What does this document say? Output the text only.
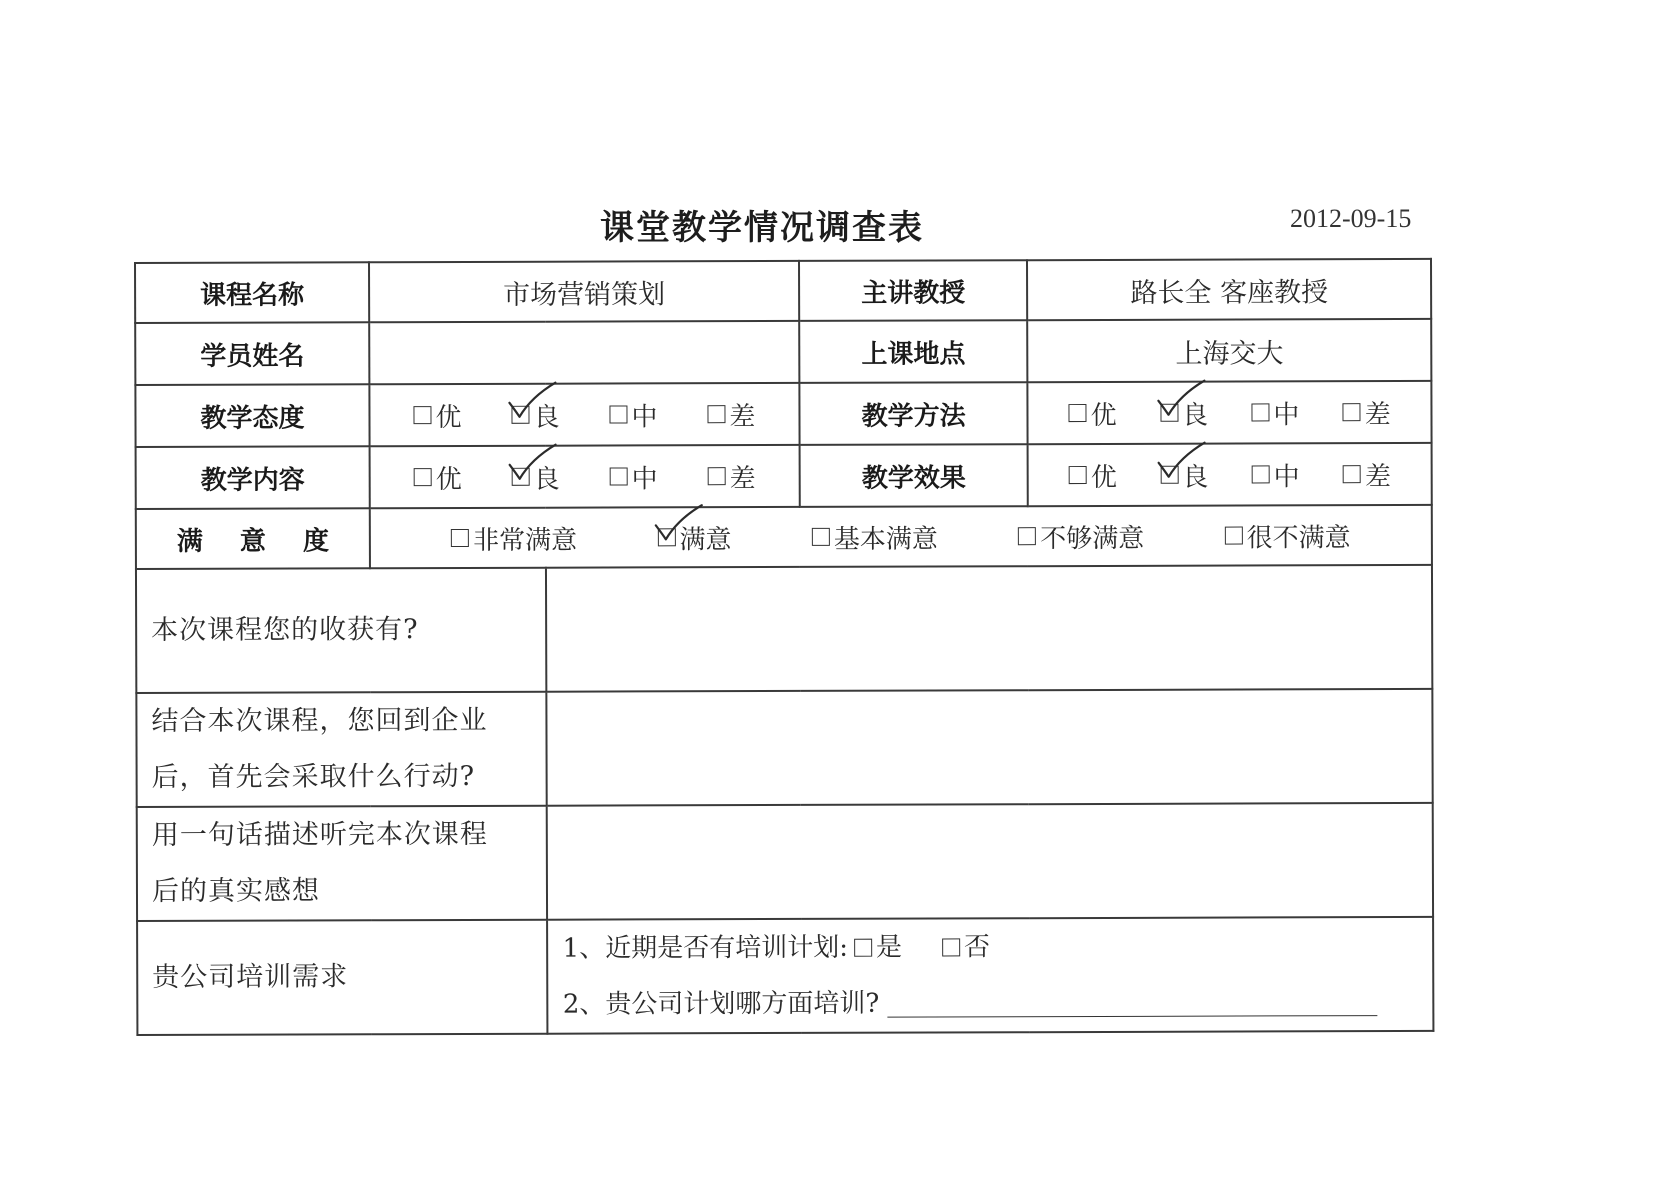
课堂教学情况调查表	2012-09-15
课程名称	市场营销策划		主讲教授	路长全 客座教授
学员姓名			上课地点	上海交大
教学态度	优 良 中 差		教学方法	优 良 中 差

教学内容	优 良 中 差		教学效果	优 良 中 差

满 意 度	非常满意 满意 基本满意 不够满意 很不满意			

本次课程您的收获有?				

结合本次课程，您回到企业
后，首先会采取什么行动?				

用一句话描述听完本次课程
后的真实感想				

贵公司培训需求		1、近期是否有培训计划: 是 否
2、贵公司计划哪方面培训?		
